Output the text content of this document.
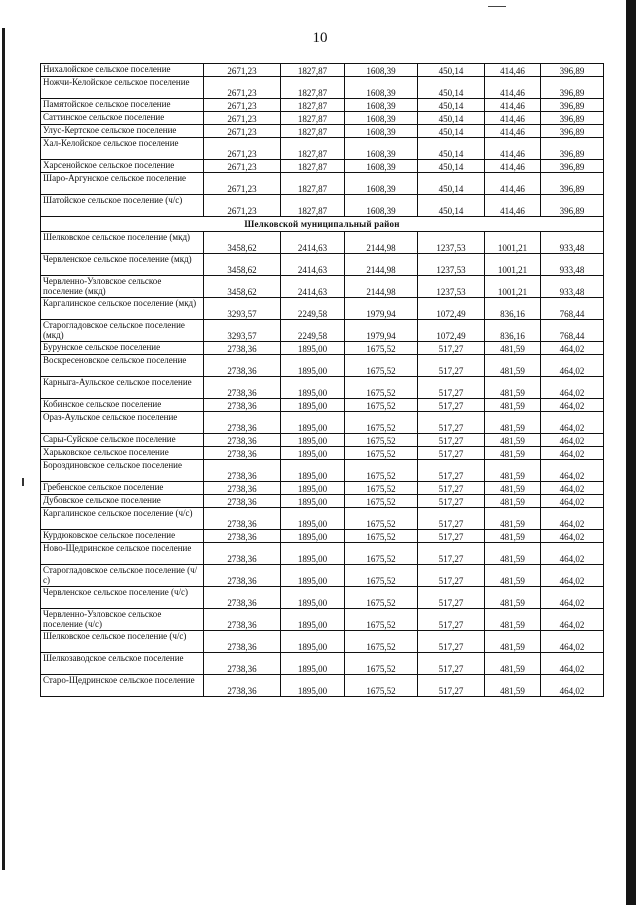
10
Нихалойское сельское поселение	2671,23	1827,87	1608,39	450,14	414,46	396,89
Ножчи-Келойское сельское поселение	2671,23	1827,87	1608,39	450,14	414,46	396,89
Памятойское сельское поселение	2671,23	1827,87	1608,39	450,14	414,46	396,89
Саттинское сельское поселение	2671,23	1827,87	1608,39	450,14	414,46	396,89
Улус-Кертское сельское поселение	2671,23	1827,87	1608,39	450,14	414,46	396,89
Хал-Келойское сельское поселение	2671,23	1827,87	1608,39	450,14	414,46	396,89
Харсенойское сельское поселение	2671,23	1827,87	1608,39	450,14	414,46	396,89
Шаро-Аргунское сельское поселение	2671,23	1827,87	1608,39	450,14	414,46	396,89
Шатойское сельское поселение (ч/с)	2671,23	1827,87	1608,39	450,14	414,46	396,89
Шелковской муниципальный район						
Шелковское сельское поселение (мкд)	3458,62	2414,63	2144,98	1237,53	1001,21	933,48
Червленское сельское поселение (мкд)	3458,62	2414,63	2144,98	1237,53	1001,21	933,48
Червленно-Узловское сельское поселение (мкд)	3458,62	2414,63	2144,98	1237,53	1001,21	933,48
Каргалинское сельское поселение (мкд)	3293,57	2249,58	1979,94	1072,49	836,16	768,44
Старогладовское сельское поселение (мкд)	3293,57	2249,58	1979,94	1072,49	836,16	768,44
Бурунское сельское поселение	2738,36	1895,00	1675,52	517,27	481,59	464,02
Воскресеновское сельское поселение	2738,36	1895,00	1675,52	517,27	481,59	464,02
Карныга-Аульское сельское поселение	2738,36	1895,00	1675,52	517,27	481,59	464,02
Кобинское сельское поселение	2738,36	1895,00	1675,52	517,27	481,59	464,02
Ораз-Аульское сельское поселение	2738,36	1895,00	1675,52	517,27	481,59	464,02
Сары-Суйское сельское поселение	2738,36	1895,00	1675,52	517,27	481,59	464,02
Харьковское сельское поселение	2738,36	1895,00	1675,52	517,27	481,59	464,02
Бороздиновское сельское поселение	2738,36	1895,00	1675,52	517,27	481,59	464,02
Гребенское сельское поселение	2738,36	1895,00	1675,52	517,27	481,59	464,02
Дубовское сельское поселение	2738,36	1895,00	1675,52	517,27	481,59	464,02
Каргалинское сельское поселение (ч/с)	2738,36	1895,00	1675,52	517,27	481,59	464,02
Курдюковское сельское поселение	2738,36	1895,00	1675,52	517,27	481,59	464,02
Ново-Щедринское сельское поселение	2738,36	1895,00	1675,52	517,27	481,59	464,02
Старогладовское сельское поселение (ч/с)	2738,36	1895,00	1675,52	517,27	481,59	464,02
Червленское сельское поселение (ч/с)	2738,36	1895,00	1675,52	517,27	481,59	464,02
Червленно-Узловское сельское поселение (ч/с)	2738,36	1895,00	1675,52	517,27	481,59	464,02
Шелковское сельское поселение (ч/с)	2738,36	1895,00	1675,52	517,27	481,59	464,02
Шелкозаводское сельское поселение	2738,36	1895,00	1675,52	517,27	481,59	464,02
Старо-Щедринское сельское поселение	2738,36	1895,00	1675,52	517,27	481,59	464,02
